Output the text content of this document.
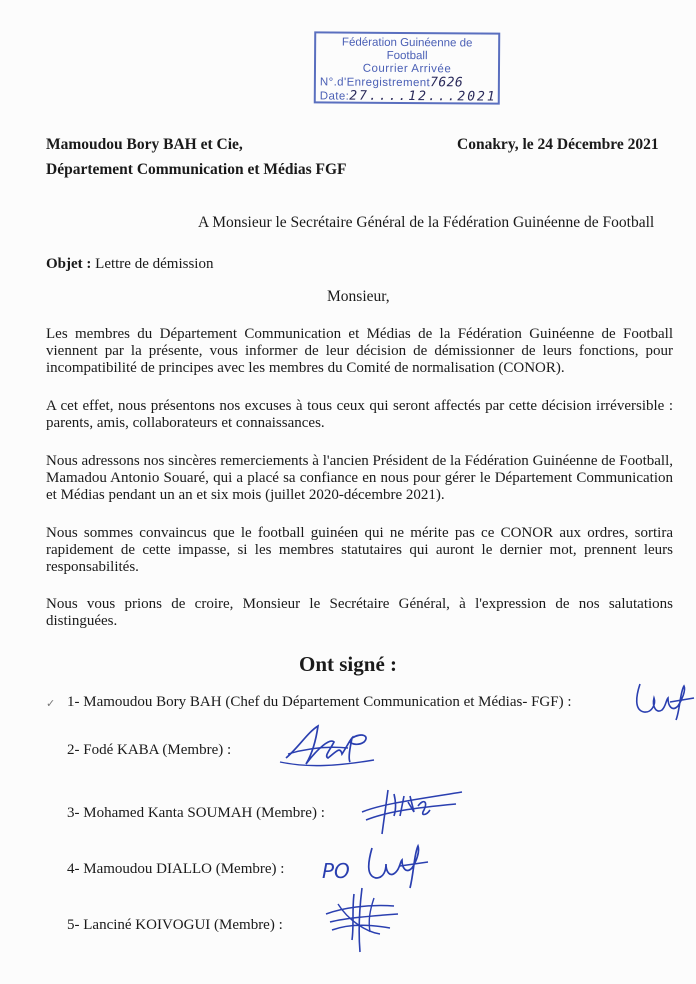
Fédération Guinéenne de Football
Courrier Arrivée
N°.d'Enregistrement7626
Date:27....12...2021
Mamoudou Bory BAH et Cie,	Conakry, le 24 Décembre 2021
Département Communication et Médias FGF
A Monsieur le Secrétaire Général de la Fédération Guinéenne de Football
Objet : Lettre de démission
Monsieur,

Les membres du Département Communication et Médias de la Fédération Guinéenne de Football viennent par la présente, vous informer de leur décision de démissionner de leurs fonctions, pour incompatibilité de principes avec les membres du Comité de normalisation (CONOR).

A cet effet, nous présentons nos excuses à tous ceux qui seront affectés par cette décision irréversible : parents, amis, collaborateurs et connaissances.

Nous adressons nos sincères remerciements à l'ancien Président de la Fédération Guinéenne de Football, Mamadou Antonio Souaré, qui a placé sa confiance en nous pour gérer le Département Communication et Médias pendant un an et six mois (juillet 2020-décembre 2021).

Nous sommes convaincus que le football guinéen qui ne mérite pas ce CONOR aux ordres, sortira rapidement de cette impasse, si les membres statutaires qui auront le dernier mot, prennent leurs responsabilités.

Nous vous prions de croire, Monsieur le Secrétaire Général, à l'expression de nos salutations distinguées.

Ont signé :
✓ 1- Mamoudou Bory BAH (Chef du Département Communication et Médias- FGF) :
2- Fodé KABA (Membre) :
3- Mohamed Kanta SOUMAH (Membre) :
4- Mamoudou DIALLO (Membre) :
5- Lanciné KOIVOGUI (Membre) :
PO
